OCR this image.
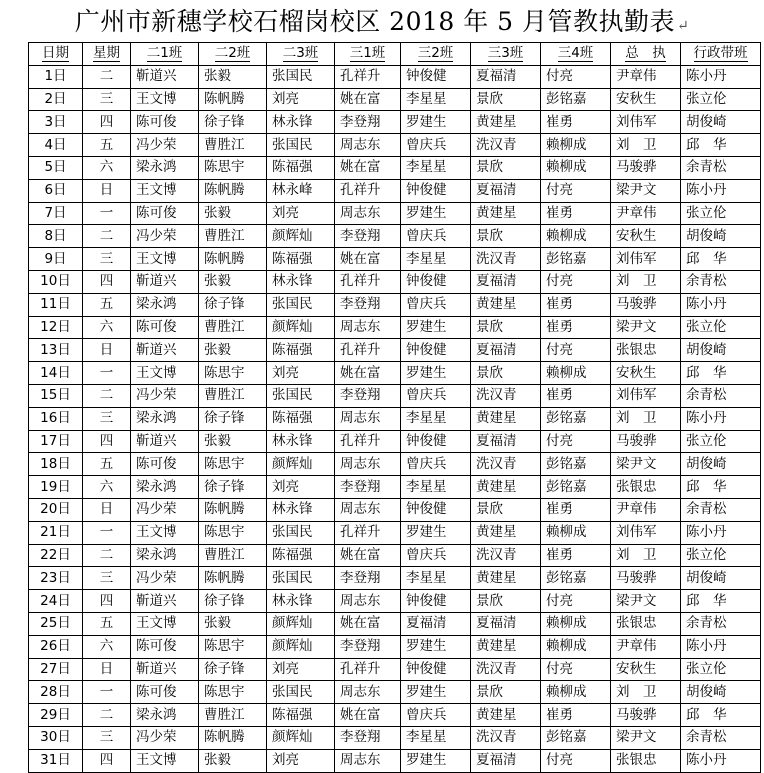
广州市新穗学校石榴岗校区 2018 年 5 月管教执勤表 ↵
日期	星期	二1班	二2班	二3班	三1班	三2班	三3班	三4班	总　执	行政带班
1日	二	靳道兴	张毅	张国民	孔祥升	钟俊健	夏福清	付亮	尹章伟	陈小丹
2日	三	王文博	陈帆腾	刘亮	姚在富	李星星	景欣	彭铭嘉	安秋生	张立伦
3日	四	陈可俊	徐子锋	林永锋	李登翔	罗建生	黄建星	崔勇	刘伟军	胡俊崎
4日	五	冯少荣	曹胜江	张国民	周志东	曾庆兵	洗汉青	赖柳成	刘　卫	邱　华
5日	六	梁永鸿	陈思宇	陈福强	姚在富	李星星	景欣	赖柳成	马骏骅	余青松
6日	日	王文博	陈帆腾	林永峰	孔祥升	钟俊健	夏福清	付亮	梁尹文	陈小丹
7日	一	陈可俊	张毅	刘亮	周志东	罗建生	黄建星	崔勇	尹章伟	张立伦
8日	二	冯少荣	曹胜江	颜辉灿	李登翔	曾庆兵	景欣	赖柳成	安秋生	胡俊崎
9日	三	王文博	陈帆腾	陈福强	姚在富	李星星	洗汉青	彭铭嘉	刘伟军	邱　华
10日	四	靳道兴	张毅	林永锋	孔祥升	钟俊健	夏福清	付亮	刘　卫	余青松
11日	五	梁永鸿	徐子锋	张国民	李登翔	曾庆兵	黄建星	崔勇	马骏骅	陈小丹
12日	六	陈可俊	曹胜江	颜辉灿	周志东	罗建生	景欣	崔勇	梁尹文	张立伦
13日	日	靳道兴	张毅	陈福强	孔祥升	钟俊健	夏福清	付亮	张银忠	胡俊崎
14日	一	王文博	陈思宇	刘亮	姚在富	罗建生	景欣	赖柳成	安秋生	邱　华
15日	二	冯少荣	曹胜江	张国民	李登翔	曾庆兵	洗汉青	崔勇	刘伟军	余青松
16日	三	梁永鸿	徐子锋	陈福强	周志东	李星星	黄建星	彭铭嘉	刘　卫	陈小丹
17日	四	靳道兴	张毅	林永锋	孔祥升	钟俊健	夏福清	付亮	马骏骅	张立伦
18日	五	陈可俊	陈思宇	颜辉灿	周志东	曾庆兵	洗汉青	彭铭嘉	梁尹文	胡俊崎
19日	六	梁永鸿	徐子锋	刘亮	李登翔	李星星	黄建星	彭铭嘉	张银忠	邱　华
20日	日	冯少荣	陈帆腾	林永锋	周志东	钟俊健	景欣	崔勇	尹章伟	余青松
21日	一	王文博	陈思宇	张国民	孔祥升	罗建生	黄建星	赖柳成	刘伟军	陈小丹
22日	二	梁永鸿	曹胜江	陈福强	姚在富	曾庆兵	洗汉青	崔勇	刘　卫	张立伦
23日	三	冯少荣	陈帆腾	张国民	李登翔	李星星	黄建星	彭铭嘉	马骏骅	胡俊崎
24日	四	靳道兴	徐子锋	林永锋	周志东	钟俊健	景欣	付亮	梁尹文	邱　华
25日	五	王文博	张毅	颜辉灿	姚在富	夏福清	夏福清	赖柳成	张银忠	余青松
26日	六	陈可俊	陈思宇	颜辉灿	李登翔	罗建生	黄建星	赖柳成	尹章伟	陈小丹
27日	日	靳道兴	徐子锋	刘亮	孔祥升	钟俊健	洗汉青	付亮	安秋生	张立伦
28日	一	陈可俊	陈思宇	张国民	周志东	罗建生	景欣	赖柳成	刘　卫	胡俊崎
29日	二	梁永鸿	曹胜江	陈福强	姚在富	曾庆兵	黄建星	崔勇	马骏骅	邱　华
30日	三	冯少荣	陈帆腾	颜辉灿	李登翔	李星星	洗汉青	彭铭嘉	梁尹文	余青松
31日	四	王文博	张毅	刘亮	周志东	罗建生	夏福清	付亮	张银忠	陈小丹
